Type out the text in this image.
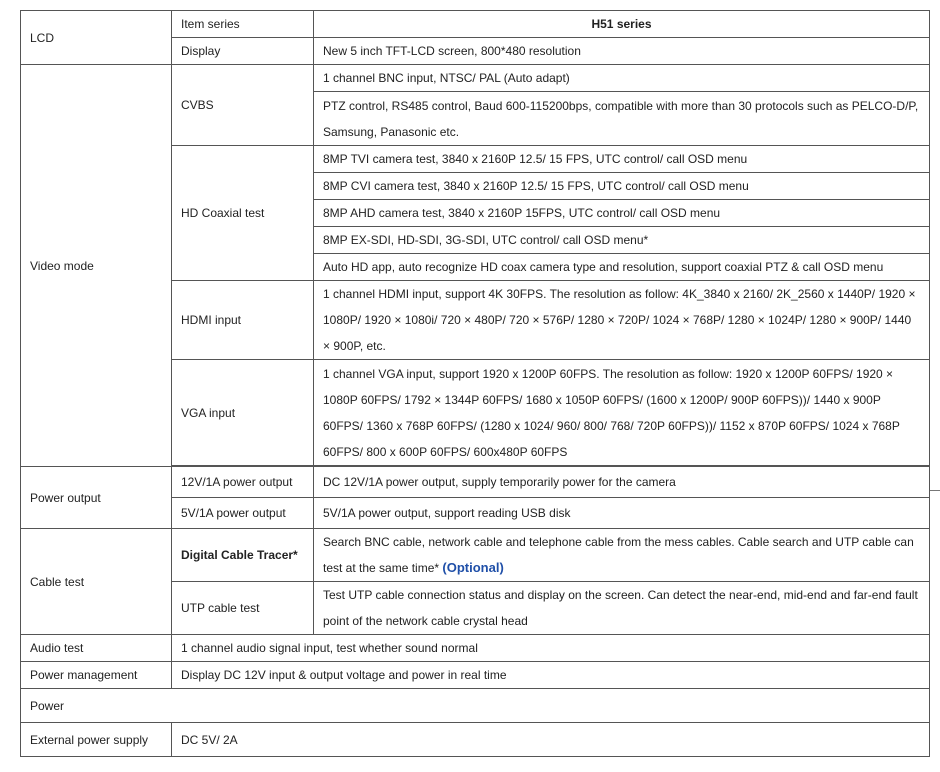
LCD	Item series	H51 series
	Display	New 5 inch TFT-LCD screen, 800*480 resolution
Video mode	CVBS	1 channel BNC input, NTSC/ PAL (Auto adapt)
		PTZ control, RS485 control, Baud 600-115200bps, compatible with more than 30 protocols such as PELCO-D/P, Samsung, Panasonic etc.
	HD Coaxial test	8MP TVI camera test, 3840 x 2160P 12.5/ 15 FPS, UTC control/ call OSD menu
		8MP CVI camera test, 3840 x 2160P 12.5/ 15 FPS, UTC control/ call OSD menu
		8MP AHD camera test, 3840 x 2160P 15FPS, UTC control/ call OSD menu
		8MP EX-SDI, HD-SDI, 3G-SDI, UTC control/ call OSD menu*
		Auto HD app, auto recognize HD coax camera type and resolution, support coaxial PTZ & call OSD menu
	HDMI input	1 channel HDMI input, support 4K 30FPS. The resolution as follow: 4K_3840 x 2160/ 2K_2560 x 1440P/ 1920 × 1080P/ 1920 × 1080i/ 720 × 480P/ 720 × 576P/ 1280 × 720P/ 1024 × 768P/ 1280 × 1024P/ 1280 × 900P/ 1440 × 900P, etc.
	VGA input	1 channel VGA input, support 1920 x 1200P 60FPS. The resolution as follow: 1920 x 1200P 60FPS/ 1920 × 1080P 60FPS/ 1792 × 1344P 60FPS/ 1680 x 1050P 60FPS/ (1600 x 1200P/ 900P 60FPS))/ 1440 x 900P 60FPS/ 1360 x 768P 60FPS/ (1280 x 1024/ 960/ 800/ 768/ 720P 60FPS))/ 1152 x 870P 60FPS/ 1024 x 768P 60FPS/ 800 x 600P 60FPS/ 600x480P 60FPS

Power output	12V/1A power output	DC 12V/1A power output, supply temporarily power for the camera
	5V/1A power output	5V/1A power output, support reading USB disk
Cable test	Digital Cable Tracer*	Search BNC cable, network cable and telephone cable from the mess cables. Cable search and UTP cable can test at the same time* (Optional)
	UTP cable test	Test UTP cable connection status and display on the screen. Can detect the near-end, mid-end and far-end fault point of the network cable crystal head
Audio test	1 channel audio signal input, test whether sound normal	
Power management	Display DC 12V input & output voltage and power in real time	
Power		
External power supply	DC 5V/ 2A	
